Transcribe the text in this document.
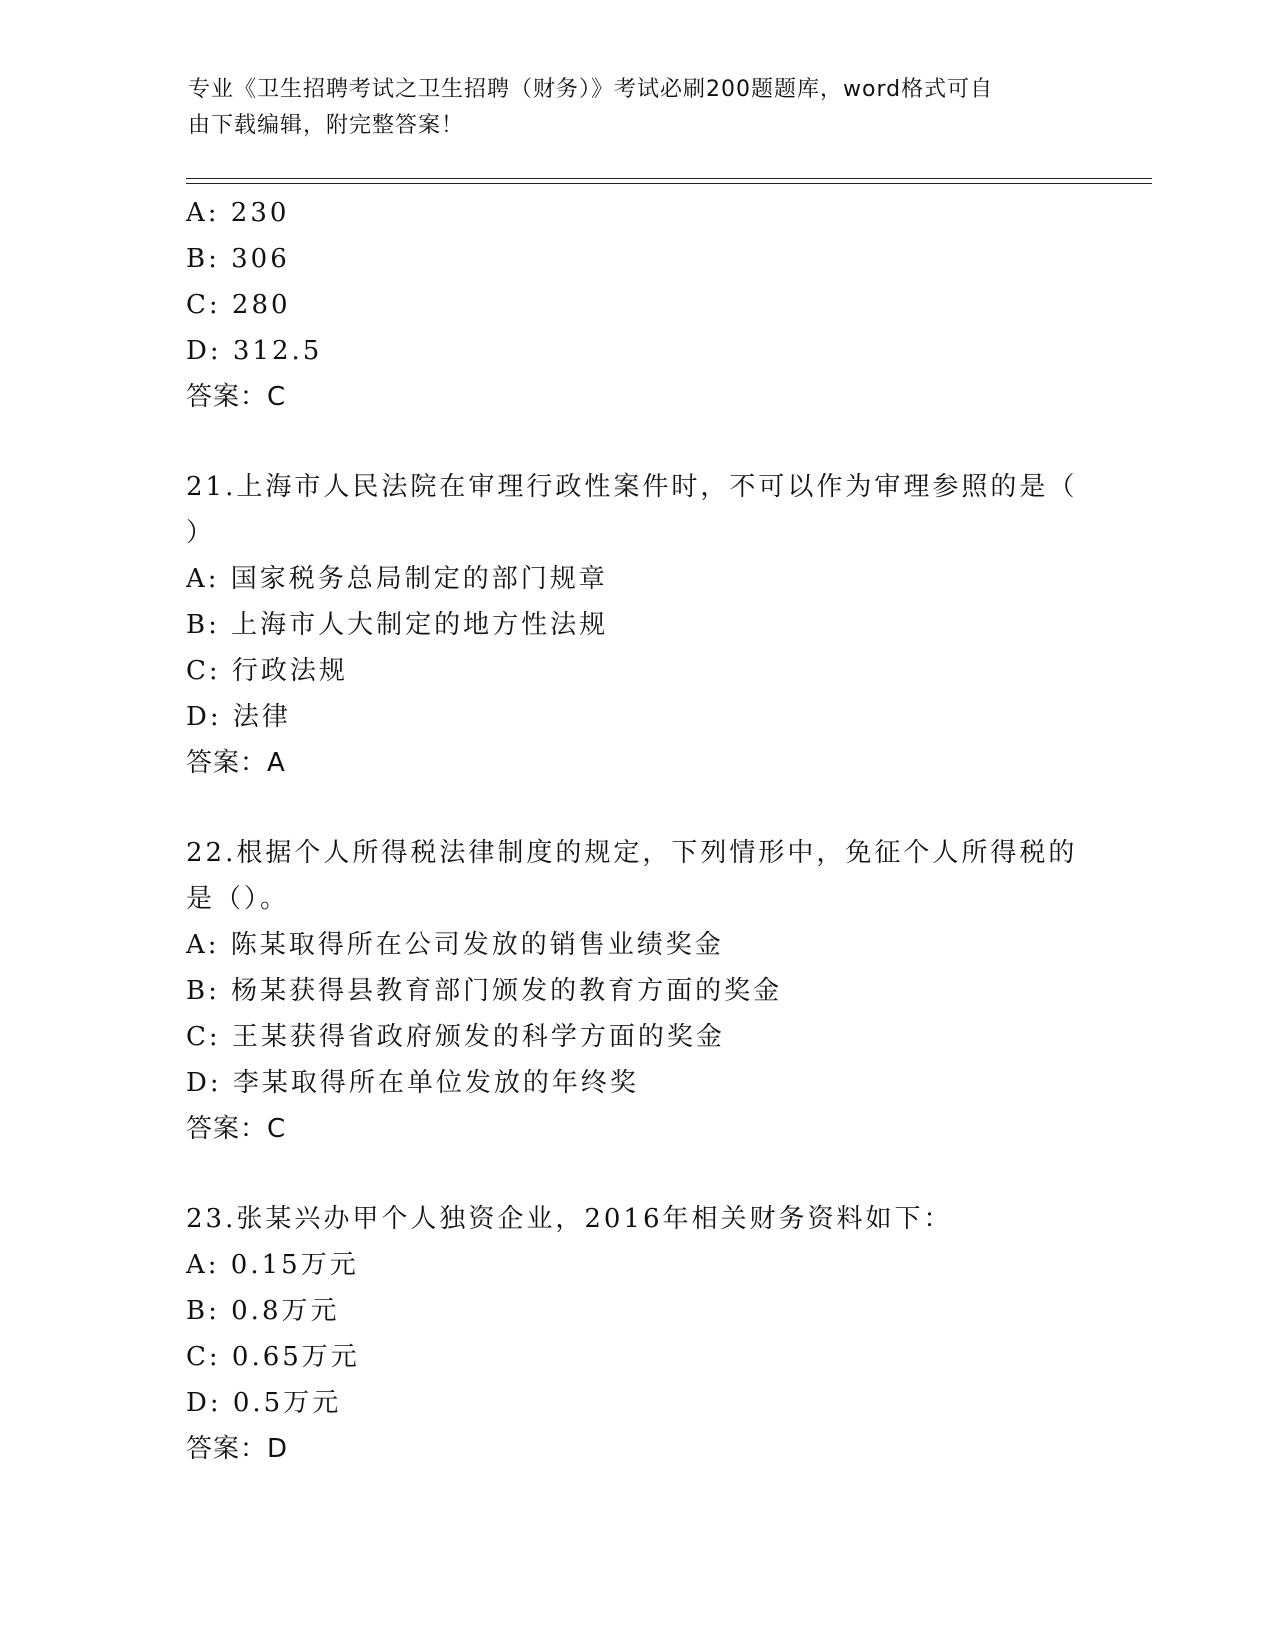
专业《卫生招聘考试之卫生招聘（财务）》考试必刷200题题库，word格式可自
由下载编辑，附完整答案！
A: 230
B: 306
C: 280
D: 312.5
答案：C
21.上海市人民法院在审理行政性案件时，不可以作为审理参照的是（
）
A: 国家税务总局制定的部门规章
B: 上海市人大制定的地方性法规
C: 行政法规
D: 法律
答案：A
22.根据个人所得税法律制度的规定，下列情形中，免征个人所得税的
是（）。
A: 陈某取得所在公司发放的销售业绩奖金
B: 杨某获得县教育部门颁发的教育方面的奖金
C: 王某获得省政府颁发的科学方面的奖金
D: 李某取得所在单位发放的年终奖
答案：C
23.张某兴办甲个人独资企业，2016年相关财务资料如下：
A: 0.15万元
B: 0.8万元
C: 0.65万元
D: 0.5万元
答案：D
